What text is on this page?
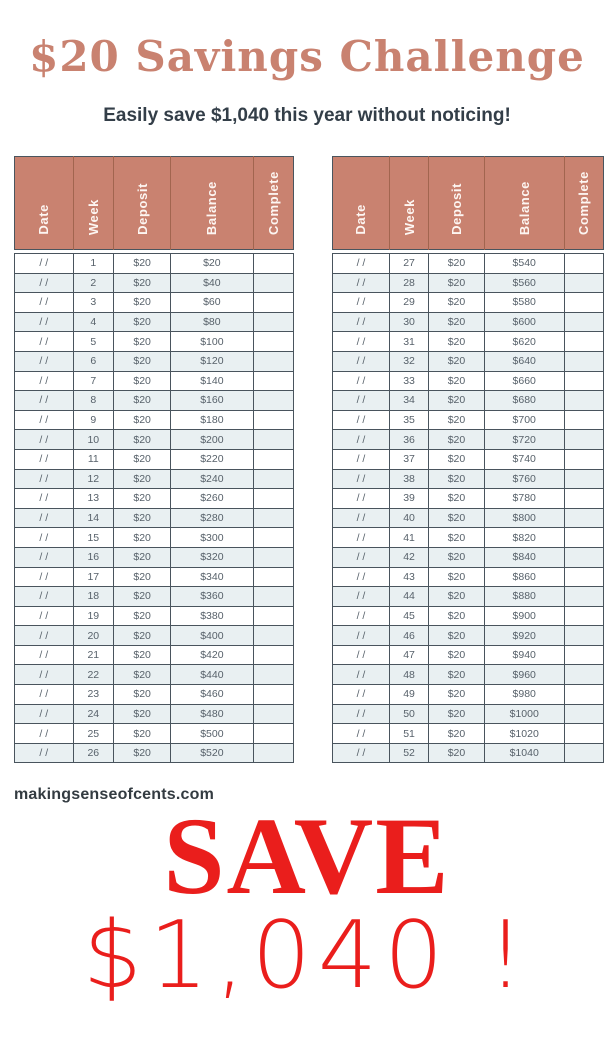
$20 Savings Challenge
Easily save $1,040 this year without noticing!
Date	Week	Deposit	Balance	Complete
/ /	1	$20	$20	
/ /	2	$20	$40	
/ /	3	$20	$60	
/ /	4	$20	$80	
/ /	5	$20	$100	
/ /	6	$20	$120	
/ /	7	$20	$140	
/ /	8	$20	$160	
/ /	9	$20	$180	
/ /	10	$20	$200	
/ /	11	$20	$220	
/ /	12	$20	$240	
/ /	13	$20	$260	
/ /	14	$20	$280	
/ /	15	$20	$300	
/ /	16	$20	$320	
/ /	17	$20	$340	
/ /	18	$20	$360	
/ /	19	$20	$380	
/ /	20	$20	$400	
/ /	21	$20	$420	
/ /	22	$20	$440	
/ /	23	$20	$460	
/ /	24	$20	$480	
/ /	25	$20	$500	
/ /	26	$20	$520	
Date	Week	Deposit	Balance	Complete
/ /	27	$20	$540	
/ /	28	$20	$560	
/ /	29	$20	$580	
/ /	30	$20	$600	
/ /	31	$20	$620	
/ /	32	$20	$640	
/ /	33	$20	$660	
/ /	34	$20	$680	
/ /	35	$20	$700	
/ /	36	$20	$720	
/ /	37	$20	$740	
/ /	38	$20	$760	
/ /	39	$20	$780	
/ /	40	$20	$800	
/ /	41	$20	$820	
/ /	42	$20	$840	
/ /	43	$20	$860	
/ /	44	$20	$880	
/ /	45	$20	$900	
/ /	46	$20	$920	
/ /	47	$20	$940	
/ /	48	$20	$960	
/ /	49	$20	$980	
/ /	50	$20	$1000	
/ /	51	$20	$1020	
/ /	52	$20	$1040	
makingsenseofcents.com
SAVE
$1,040 !
